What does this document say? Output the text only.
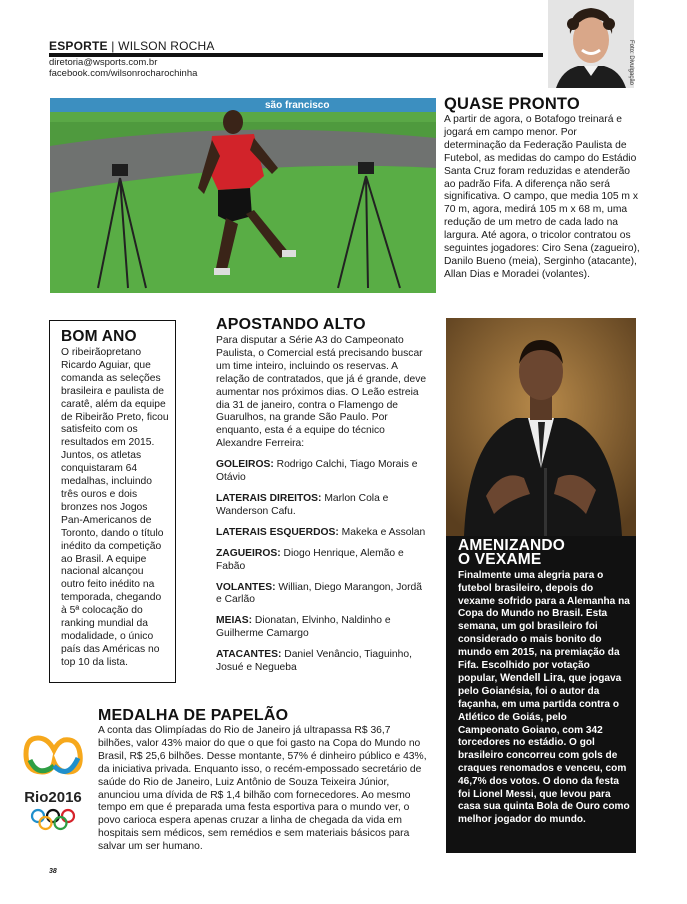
ESPORTE | WILSON ROCHA
diretoria@wsports.com.br
facebook.com/wilsonrocharochinha	Foto: Divulgação
são francisco	QUASE PRONTO
A partir de agora, o Botafogo treinará e jogará em campo menor. Por determinação da Federação Paulista de Futebol, as medidas do campo do Estádio Santa Cruz foram reduzidas e atenderão ao padrão Fifa. A diferença não será significativa. O campo, que media 105 m x 70 m, agora, medirá 105 m x 68 m, uma redução de um metro de cada lado na largura. Até agora, o tricolor contratou os seguintes jogadores: Ciro Sena (zagueiro), Danilo Bueno (meia), Serginho (atacante), Allan Dias e Moradei (volantes).
BOM ANO

O ribeirãopretano Ricardo Aguiar, que comanda as seleções brasileira e paulista de caratê, além da equipe de Ribeirão Preto, ficou satisfeito com os resultados em 2015. Juntos, os atletas conquistaram 64 medalhas, incluindo três ouros e dois bronzes nos Jogos Pan-Americanos de Toronto, dando o título inédito da competição ao Brasil. A equipe nacional alcançou outro feito inédito na temporada, chegando à 5ª colocação do ranking mundial da modalidade, o único país das Américas no top 10 da lista.

APOSTANDO ALTO

Para disputar a Série A3 do Campeonato Paulista, o Comercial está precisando buscar um time inteiro, incluindo os reservas. A relação de contratados, que já é grande, deve aumentar nos próximos dias. O Leão estreia dia 31 de janeiro, contra o Flamengo de Guarulhos, na grande São Paulo. Por enquanto, esta é a equipe do técnico Alexandre Ferreira:

GOLEIROS: Rodrigo Calchi, Tiago Morais e Otávio

LATERAIS DIREITOS: Marlon Cola e Wanderson Cafu.

LATERAIS ESQUERDOS: Makeka e Assolan

ZAGUEIROS: Diogo Henrique, Alemão e Fabão

VOLANTES: Willian, Diego Marangon, Jordã e Carlão

MEIAS: Dionatan, Elvinho, Naldinho e Guilherme Camargo

ATACANTES: Daniel Venâncio, Tiaguinho, Josué e Negueba

AMENIZANDO
O VEXAME

Finalmente uma alegria para o futebol brasileiro, depois do vexame sofrido para a Alemanha na Copa do Mundo no Brasil. Esta semana, um gol brasileiro foi considerado o mais bonito do mundo em 2015, na premiação da Fifa. Escolhido por votação popular, Wendell Lira, que jogava pelo Goianésia, foi o autor da façanha, em uma partida contra o Atlético de Goiás, pelo Campeonato Goiano, com 342 torcedores no estádio. O gol brasileiro concorreu com gols de craques renomados e venceu, com 46,7% dos votos. O dono da festa foi Lionel Messi, que levou para casa sua quinta Bola de Ouro como melhor jogador do mundo.

Rio2016
MEDALHA DE PAPELÃO

A conta das Olimpíadas do Rio de Janeiro já ultrapassa R$ 36,7 bilhões, valor 43% maior do que o que foi gasto na Copa do Mundo no Brasil, R$ 25,6 bilhões. Desse montante, 57% é dinheiro público e 43%, da iniciativa privada. Enquanto isso, o recém-empossado secretário de saúde do Rio de Janeiro, Luiz Antônio de Souza Teixeira Júnior, anunciou uma dívida de R$ 1,4 bilhão com fornecedores. Ao mesmo tempo em que é preparada uma festa esportiva para o mundo ver, o povo carioca espera apenas cruzar a linha de chegada da vida em hospitais sem médicos, sem remédios e sem materiais básicos para salvar um ser humano.

38
